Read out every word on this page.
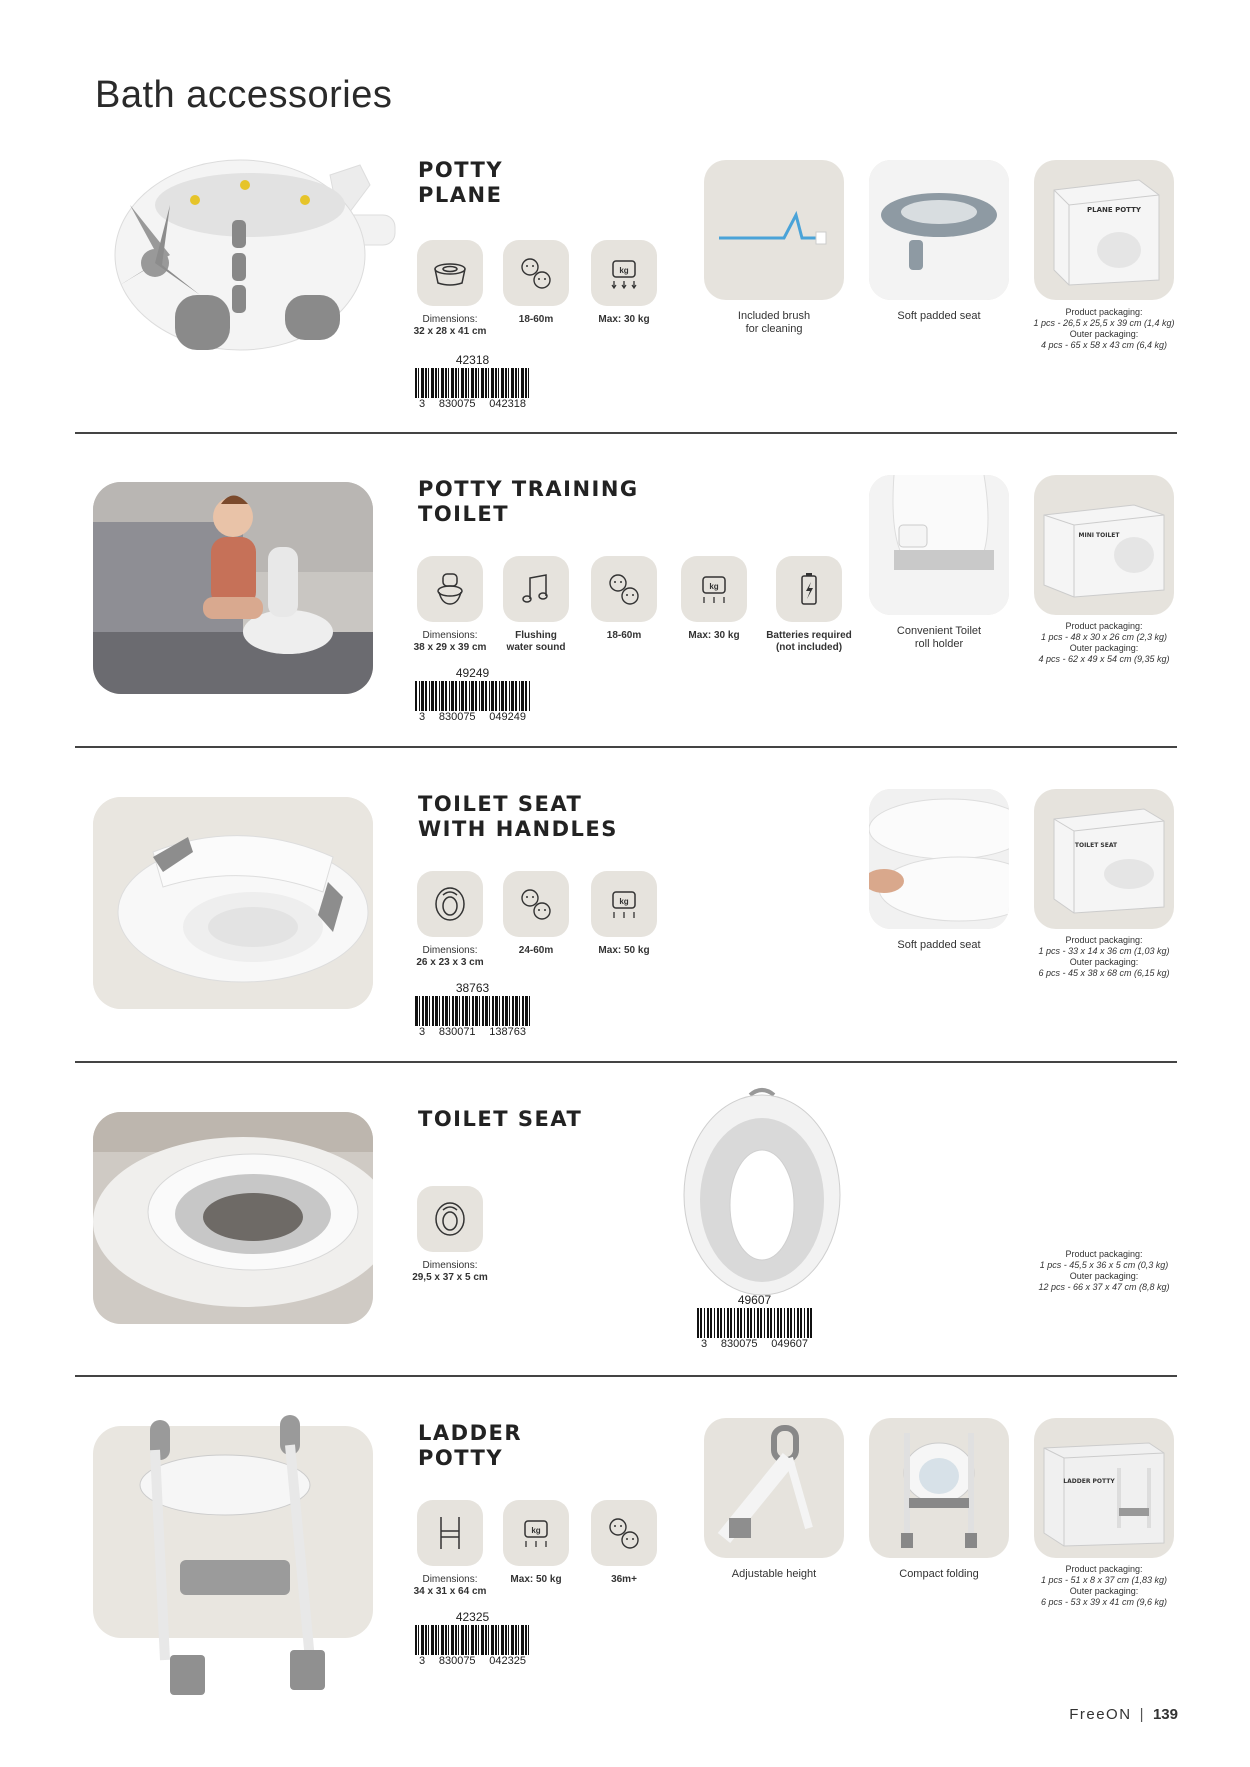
Bath accessories
POTTY
PLANE
Dimensions:
32 x 28 x 41 cm
18-60m
kg
Max: 30 kg
42318
3 830075 042318
Included brush
for cleaning
Soft padded seat
PLANE POTTY
Product packaging:
1 pcs - 26,5 x 25,5 x 39 cm (1,4 kg)
Outer packaging:
4 pcs - 65 x 58 x 43 cm (6,4 kg)
POTTY TRAINING
TOILET
Dimensions:
38 x 29 x 39 cm
Flushing
water sound
18-60m
kg
Max: 30 kg	Batteries required
(not included)
49249
3 830075 049249
Convenient Toilet
roll holder
MINI TOILET
Product packaging:
1 pcs - 48 x 30 x 26 cm (2,3 kg)
Outer packaging:
4 pcs - 62 x 49 x 54 cm (9,35 kg)
TOILET SEAT
WITH HANDLES
Dimensions:
26 x 23 x 3 cm
24-60m
kg
Max: 50 kg
38763
3 830071 138763
Soft padded seat
TOILET SEAT
Product packaging:
1 pcs - 33 x 14 x 36 cm (1,03 kg)
Outer packaging:
6 pcs - 45 x 38 x 68 cm (6,15 kg)
TOILET SEAT
Dimensions:
29,5 x 37 x 5 cm
49607
3 830075 049607
Product packaging:
1 pcs - 45,5 x 36 x 5 cm (0,3 kg)
Outer packaging:
12 pcs - 66 x 37 x 47 cm (8,8 kg)
LADDER
POTTY
Dimensions:
34 x 31 x 64 cm
kg
Max: 50 kg	36m+
42325
3 830075 042325
Adjustable height	Compact folding
LADDER POTTY
Product packaging:
1 pcs - 51 x 8 x 37 cm (1,83 kg)
Outer packaging:
6 pcs - 53 x 39 x 41 cm (9,6 kg)
FreeON | 139
